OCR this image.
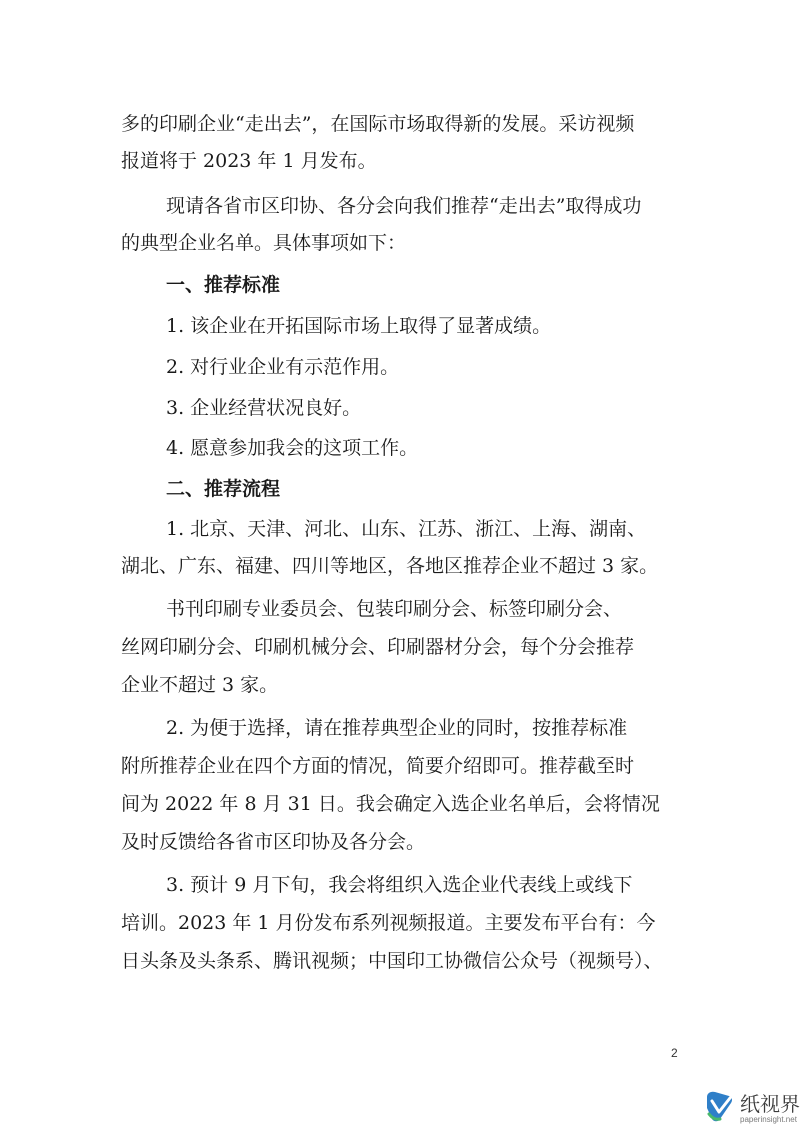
多的印刷企业“走出去”，在国际市场取得新的发展。采访视频
报道将于 2023 年 1 月发布。
现请各省市区印协、各分会向我们推荐“走出去”取得成功
的典型企业名单。具体事项如下：
一、推荐标准
1. 该企业在开拓国际市场上取得了显著成绩。
2. 对行业企业有示范作用。
3. 企业经营状况良好。
4. 愿意参加我会的这项工作。
二、推荐流程
1. 北京、天津、河北、山东、江苏、浙江、上海、湖南、
湖北、广东、福建、四川等地区，各地区推荐企业不超过 3 家。
书刊印刷专业委员会、包装印刷分会、标签印刷分会、
丝网印刷分会、印刷机械分会、印刷器材分会，每个分会推荐
企业不超过 3 家。
2. 为便于选择，请在推荐典型企业的同时，按推荐标准
附所推荐企业在四个方面的情况，简要介绍即可。推荐截至时
间为 2022 年 8 月 31 日。我会确定入选企业名单后，会将情况
及时反馈给各省市区印协及各分会。
3. 预计 9 月下旬，我会将组织入选企业代表线上或线下
培训。2023 年 1 月份发布系列视频报道。主要发布平台有：今
日头条及头条系、腾讯视频；中国印工协微信公众号（视频号）、
2
纸视界
paperinsight.net
